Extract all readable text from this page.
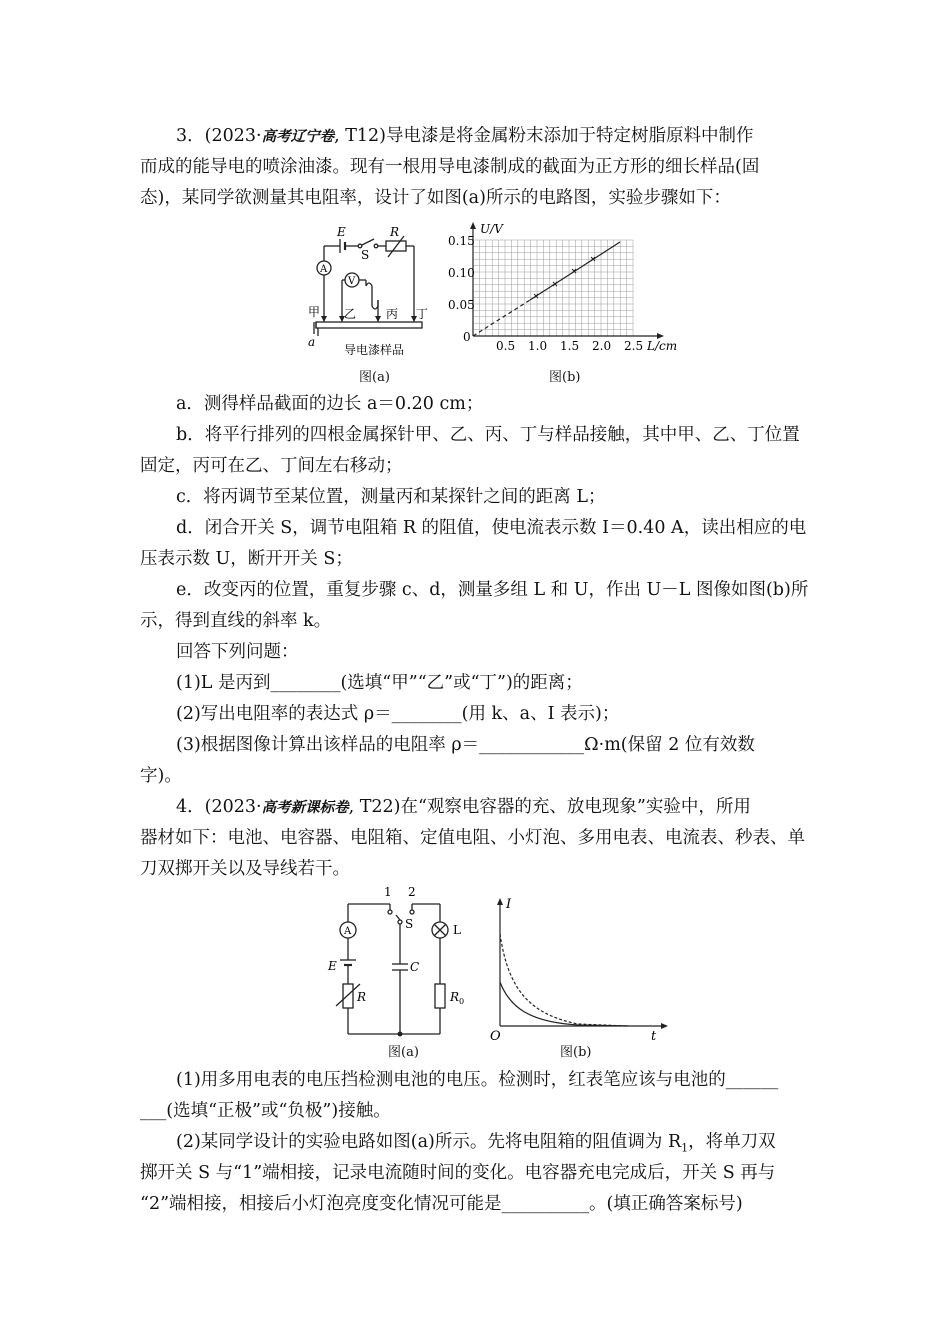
3．(2023·高考辽宁卷, T12)导电漆是将金属粉末添加于特定树脂原料中制作
而成的能导电的喷涂油漆。现有一根用导电漆制成的截面为正方形的细长样品(固
态)，某同学欲测量其电阻率，设计了如图(a)所示的电路图，实验步骤如下：
E
S
R
A
V
甲 乙 丙 丁
a
导电漆样品
图(a)
U/V
0.15
0.10
0.05
0
0.5 1.0 1.5 2.0 2.5 L/cm
图(b)
a．测得样品截面的边长 a＝0.20 cm；
b．将平行排列的四根金属探针甲、乙、丙、丁与样品接触，其中甲、乙、丁位置
固定，丙可在乙、丁间左右移动；
c．将丙调节至某位置，测量丙和某探针之间的距离 L；
d．闭合开关 S，调节电阻箱 R 的阻值，使电流表示数 I＝0.40 A，读出相应的电
压表示数 U，断开开关 S；
e．改变丙的位置，重复步骤 c、d，测量多组 L 和 U，作出 U－L 图像如图(b)所
示，得到直线的斜率 k。
回答下列问题：
(1)L 是丙到________(选填“甲”“乙”或“丁”)的距离；
(2)写出电阻率的表达式 ρ＝________(用 k、a、I 表示)；
(3)根据图像计算出该样品的电阻率 ρ＝____________Ω·m(保留 2 位有效数
字)。
4．(2023·高考新课标卷, T22)在“观察电容器的充、放电现象”实验中，所用
器材如下：电池、电容器、电阻箱、定值电阻、小灯泡、多用电表、电流表、秒表、单
刀双掷开关以及导线若干。
1 2
S
A	L
E	C
R	$R_0$
图(a)
I
t
O
图(b)
(1)用多用电表的电压挡检测电池的电压。检测时，红表笔应该与电池的______
___(选填“正极”或“负极”)接触。
(2)某同学设计的实验电路如图(a)所示。先将电阻箱的阻值调为 $R_1$，将单刀双
掷开关 S 与“1”端相接，记录电流随时间的变化。电容器充电完成后，开关 S 再与
“2”端相接，相接后小灯泡亮度变化情况可能是__________。(填正确答案标号)
